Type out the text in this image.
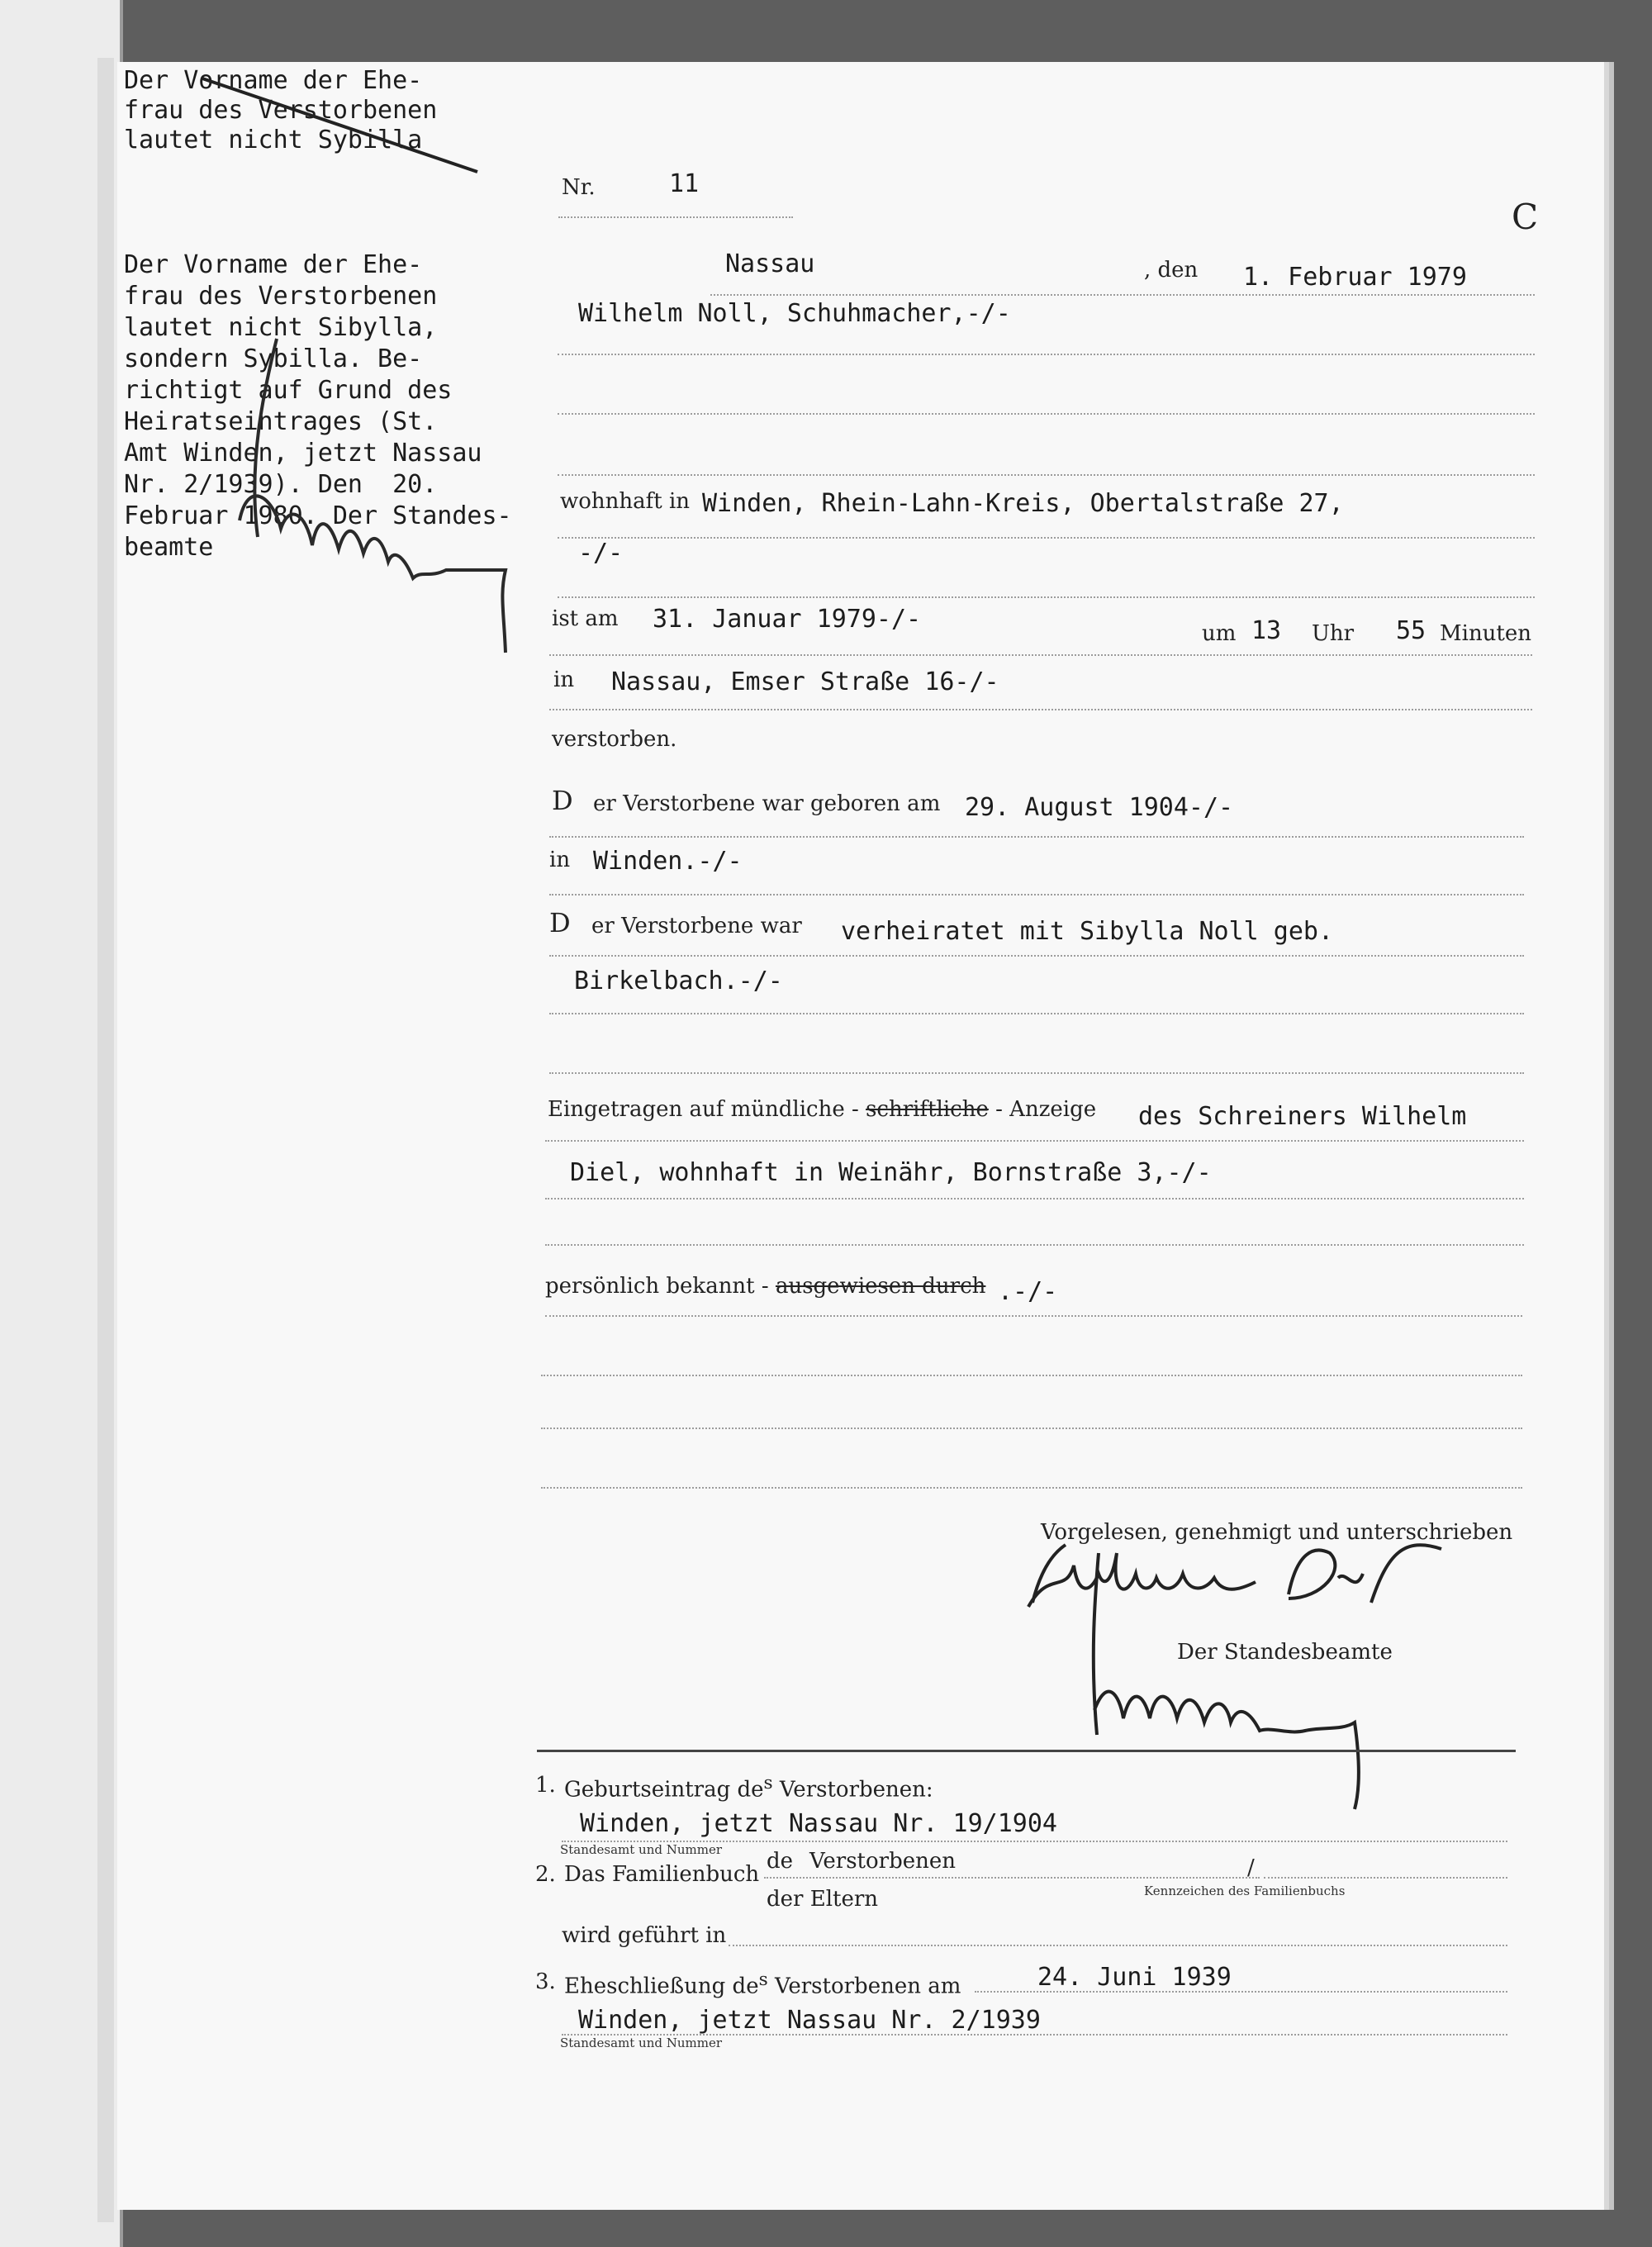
Der Vorname der Ehe-
frau des Verstorbenen
lautet nicht Sybilla
Der Vorname der Ehe-
frau des Verstorbenen
lautet nicht Sibylla,
sondern Sybilla. Be-
richtigt auf Grund des
Heiratseintrages (St.
Amt Winden, jetzt Nassau
Nr. 2/1939). Den  20.
Februar 1980. Der Standes-
beamte
Nr.	11
C
Nassau	, den 1. Februar 1979
Wilhelm Noll, Schuhmacher,-/-
wohnhaft in Winden, Rhein-Lahn-Kreis, Obertalstraße 27,
-/-
ist am 31. Januar 1979-/-	um 13 Uhr 55 Minuten
in Nassau, Emser Straße 16-/-
verstorben.
D er Verstorbene war geboren am 29. August 1904-/-
in Winden.-/-
D er Verstorbene war verheiratet mit Sibylla Noll geb.
Birkelbach.-/-
Eingetragen auf mündliche - schriftliche - Anzeige des Schreiners Wilhelm
Diel, wohnhaft in Weinähr, Bornstraße 3,-/-
persönlich bekannt - ausgewiesen durch .-/-
Vorgelesen, genehmigt und unterschrieben
Der Standesbeamte
1. Geburtseintrag $de^s$ Verstorbenen:
Winden, jetzt Nassau Nr. 19/1904
Standesamt und Nummer
2. Das Familienbuch
de Verstorbenen	/
der Eltern	Kennzeichen des Familienbuchs
wird geführt in
3. Eheschließung $de^s$ Verstorbenen am	24. Juni 1939
Winden, jetzt Nassau Nr. 2/1939
Standesamt und Nummer
